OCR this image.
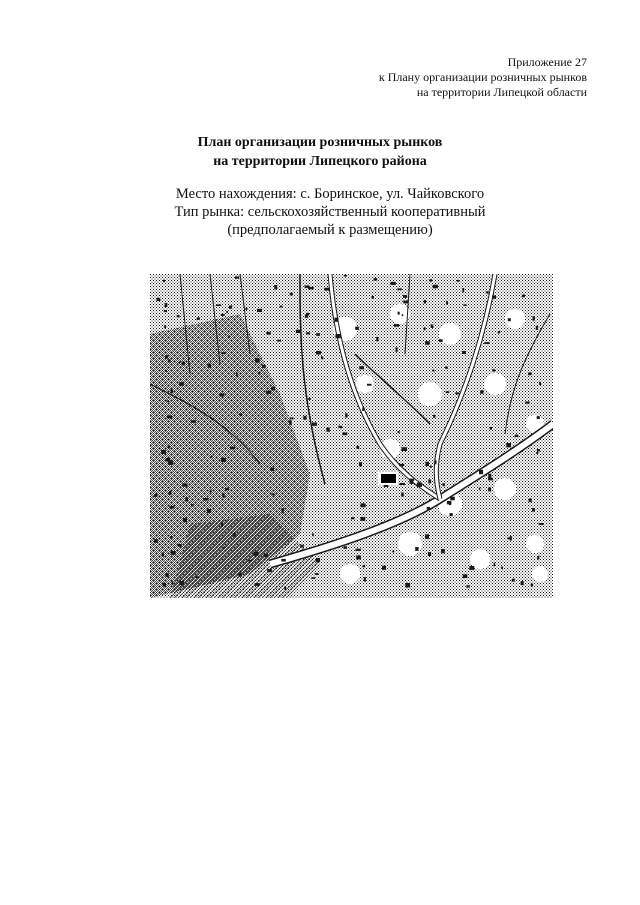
Приложение 27
к Плану организации розничных рынков
на территории Липецкой области
План организации розничных рынков
на территории Липецкого района
Место нахождения: с. Боринское, ул. Чайковского
Тип рынка: сельскохозяйственный кооперативный
(предполагаемый к размещению)
